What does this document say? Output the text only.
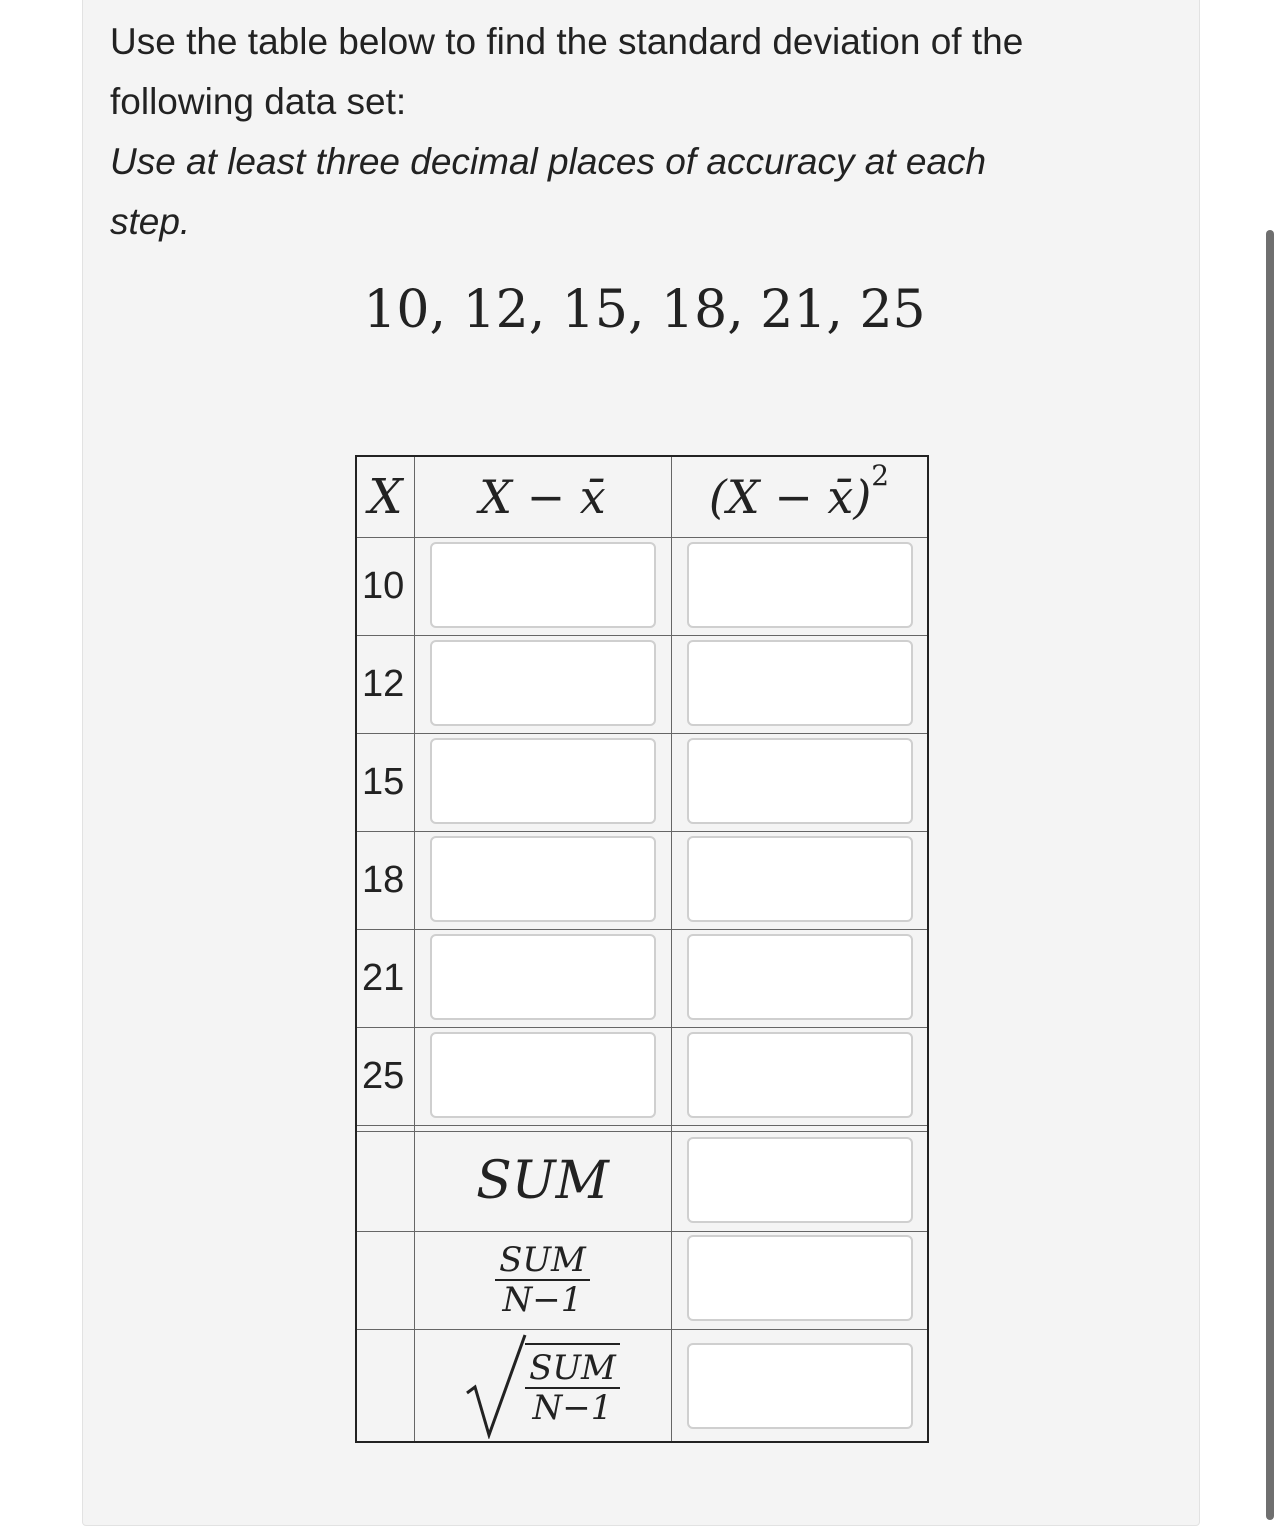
Use the table below to find the standard deviation of the

following data set:

Use at least three decimal places of accuracy at each

step.

10, 12, 15, 18, 21, 25
X X − x̄ (X − x̄) 2
10
12
15
18
21
25
SUM
$\frac{\text{SUM}}{N-1}$
$\frac{\text{SUM}}{N-1}$
